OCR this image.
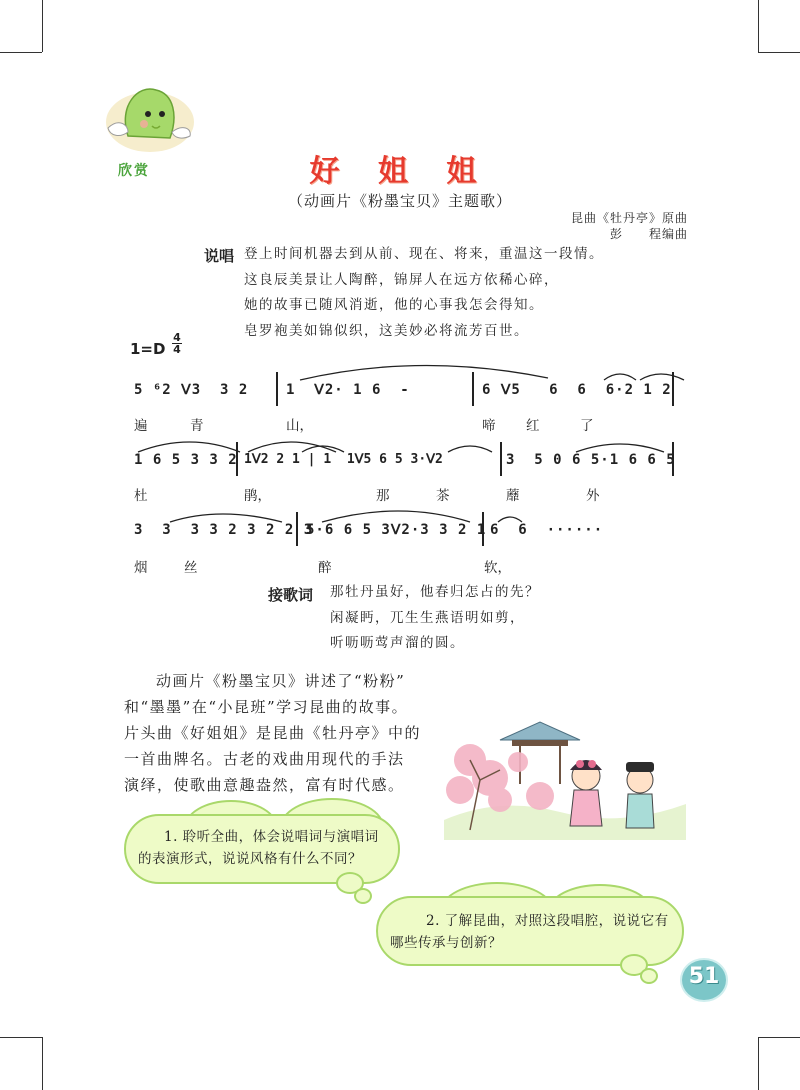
欣赏	好 姐 姐
（动画片《粉墨宝贝》主题歌）
昆曲《牡丹亭》原曲
彭　　程编曲
说唱 登上时间机器去到从前、现在、将来，重温这一段情。
这良辰美景让人陶醉，锦屏人在远方依稀心碎，
她的故事已随风消逝，他的心事我怎会得知。
皂罗袍美如锦似织，这美妙必将流芳百世。
1=D
4
4
5 ⁶2 ᐯ3  3 2	1  ᐯ2· 1 6  -	6 ᐯ5   6  6  6·2 1 2
遍	青	山，	啼 红	了
1 6 5 3 3 2 1ᐯ2 2 1 | 1  1ᐯ5 6 5 3·ᐯ2	3  5 0 6 5·1 6 6 5
杜	鹃，	那	茶	蘼	外
3  3  3 3 2 3 2 2 3
5·6 6 5 3ᐯ2·3 3 2 1 6  6  ······
烟	丝	醉	软，
接歌词 那牡丹虽好，他春归怎占的先？
闲凝眄，兀生生燕语明如剪，
听呖呖莺声溜的圆。
动画片《粉墨宝贝》讲述了“粉粉”
和“墨墨”在“小昆班”学习昆曲的故事。
片头曲《好姐姐》是昆曲《牡丹亭》中的
一首曲牌名。古老的戏曲用现代的手法
演绎，使歌曲意趣盎然，富有时代感。
1. 聆听全曲，体会说唱词与演唱词
的表演形式，说说风格有什么不同？
2. 了解昆曲，对照这段唱腔，说说它有
哪些传承与创新？
51
